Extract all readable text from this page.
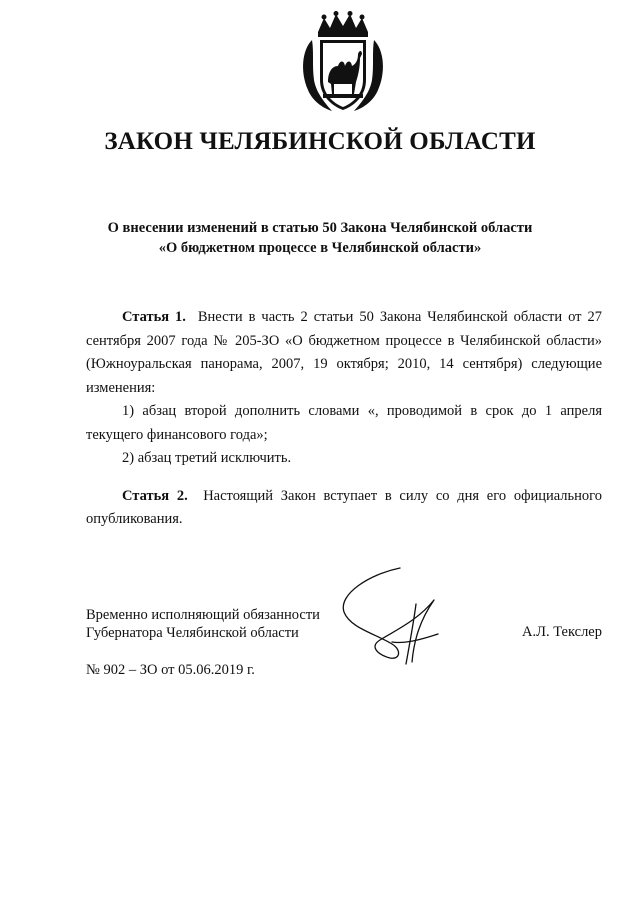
ЗАКОН ЧЕЛЯБИНСКОЙ ОБЛАСТИ
О внесении изменений в статью 50 Закона Челябинской области
«О бюджетном процессе в Челябинской области»

Статья 1. Внести в часть 2 статьи 50 Закона Челябинской области от 27 сентября 2007 года № 205-ЗО «О бюджетном процессе в Челябинской области» (Южноуральская панорама, 2007, 19 октября; 2010, 14 сентября) следующие изменения:

1) абзац второй дополнить словами «, проводимой в срок до 1 апреля текущего финансового года»;

2) абзац третий исключить.

Статья 2. Настоящий Закон вступает в силу со дня его официального опубликования.

Временно исполняющий обязанности
Губернатора Челябинской области	А.Л. Текслер
№ 902 – ЗО от 05.06.2019 г.
